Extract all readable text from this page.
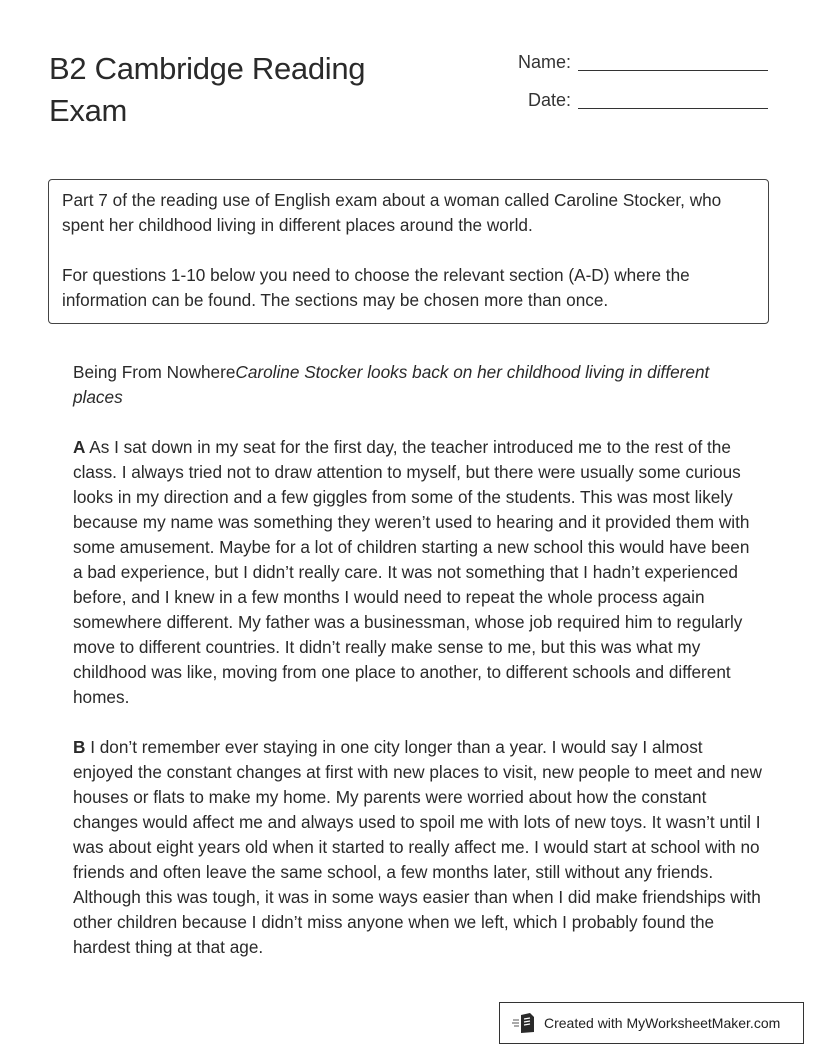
B2 Cambridge Reading Exam
Name:
Date:

Part 7 of the reading use of English exam about a woman called Caroline Stocker, who spent her childhood living in different places around the world.

For questions 1-10 below you need to choose the relevant section (A-D) where the information can be found. The sections may be chosen more than once.

Being From NowhereCaroline Stocker looks back on her childhood living in different places

A As I sat down in my seat for the first day, the teacher introduced me to the rest of the class. I always tried not to draw attention to myself, but there were usually some curious looks in my direction and a few giggles from some of the students. This was most likely because my name was something they weren’t used to hearing and it provided them with some amusement. Maybe for a lot of children starting a new school this would have been a bad experience, but I didn’t really care. It was not something that I hadn’t experienced before, and I knew in a few months I would need to repeat the whole process again somewhere different. My father was a businessman, whose job required him to regularly move to different countries. It didn’t really make sense to me, but this was what my childhood was like, moving from one place to another, to different schools and different homes.

B I don’t remember ever staying in one city longer than a year. I would say I almost enjoyed the constant changes at first with new places to visit, new people to meet and new houses or flats to make my home. My parents were worried about how the constant changes would affect me and always used to spoil me with lots of new toys. It wasn’t until I was about eight years old when it started to really affect me. I would start at school with no friends and often leave the same school, a few months later, still without any friends. Although this was tough, it was in some ways easier than when I did make friendships with other children because I didn’t miss anyone when we left, which I probably found the hardest thing at that age.

Created with MyWorksheetMaker.com
